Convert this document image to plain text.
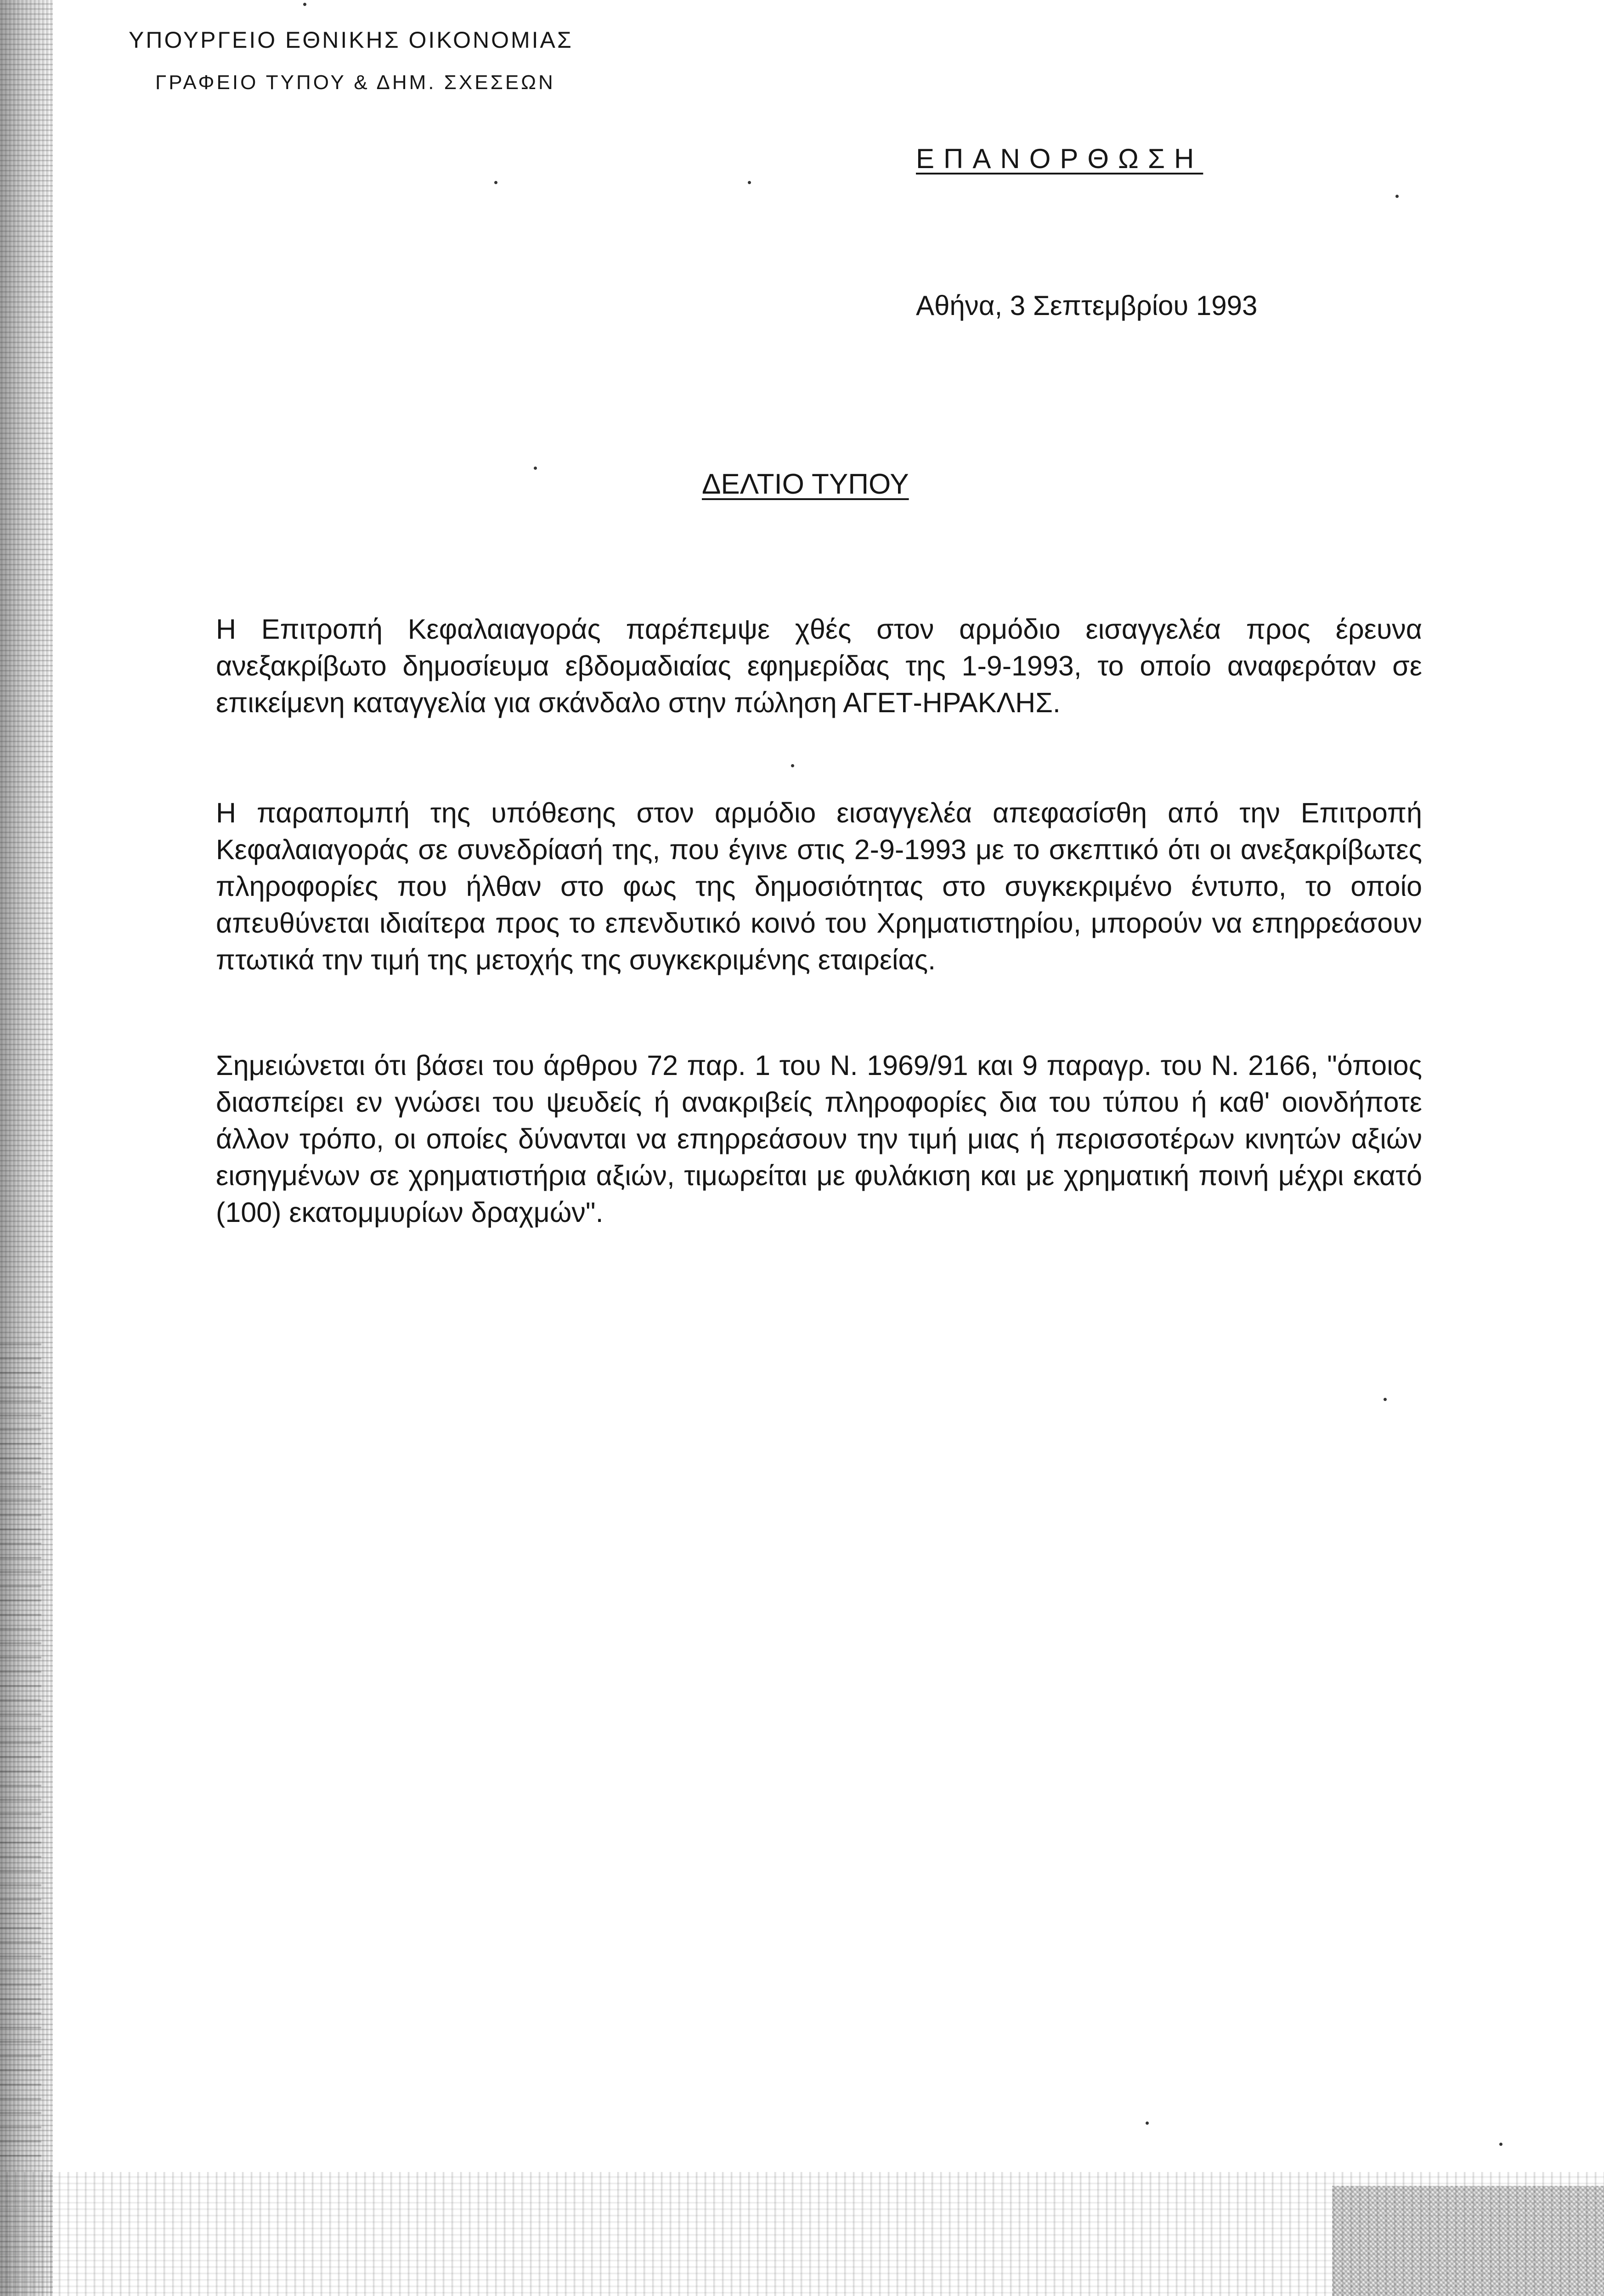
ΥΠΟΥΡΓΕΙΟ ΕΘΝΙΚΗΣ ΟΙΚΟΝΟΜΙΑΣ
ΓΡΑΦΕΙΟ ΤΥΠΟΥ & ΔΗΜ. ΣΧΕΣΕΩΝ
ΕΠΑΝΟΡΘΩΣΗ
Αθήνα, 3 Σεπτεμβρίου 1993
ΔΕΛΤΙΟ ΤΥΠΟΥ

Η Επιτροπή Κεφαλαιαγοράς παρέπεμψε χθές στον αρμόδιο εισαγγελέα προς έρευνα ανεξακρίβωτο δημοσίευμα εβδομαδιαίας εφημερίδας της 1-9-1993, το οποίο αναφερόταν σε επικείμενη καταγγελία για σκάνδαλο στην πώληση ΑΓΕΤ-ΗΡΑΚΛΗΣ.

Η παραπομπή της υπόθεσης στον αρμόδιο εισαγγελέα απεφασίσθη από την Επιτροπή Κεφαλαιαγοράς σε συνεδρίασή της, που έγινε στις 2-9-1993 με το σκεπτικό ότι οι ανεξακρίβωτες πληροφορίες που ήλθαν στο φως της δημοσιότητας στο συγκεκριμένο έντυπο, το οποίο απευθύνεται ιδιαίτερα προς το επενδυτικό κοινό του Χρηματιστηρίου, μπορούν να επηρρεάσουν πτωτικά την τιμή της μετοχής της συγκεκριμένης εταιρείας.

Σημειώνεται ότι βάσει του άρθρου 72 παρ. 1 του Ν. 1969/91 και 9 παραγρ. του Ν. 2166, "όποιος διασπείρει εν γνώσει του ψευδείς ή ανακριβείς πληροφορίες δια του τύπου ή καθ' οιονδήποτε άλλον τρόπο, οι οποίες δύνανται να επηρρεάσουν την τιμή μιας ή περισσοτέρων κινητών αξιών εισηγμένων σε χρηματιστήρια αξιών, τιμωρείται με φυλάκιση και με χρηματική ποινή μέχρι εκατό (100) εκατομμυρίων δραχμών".
